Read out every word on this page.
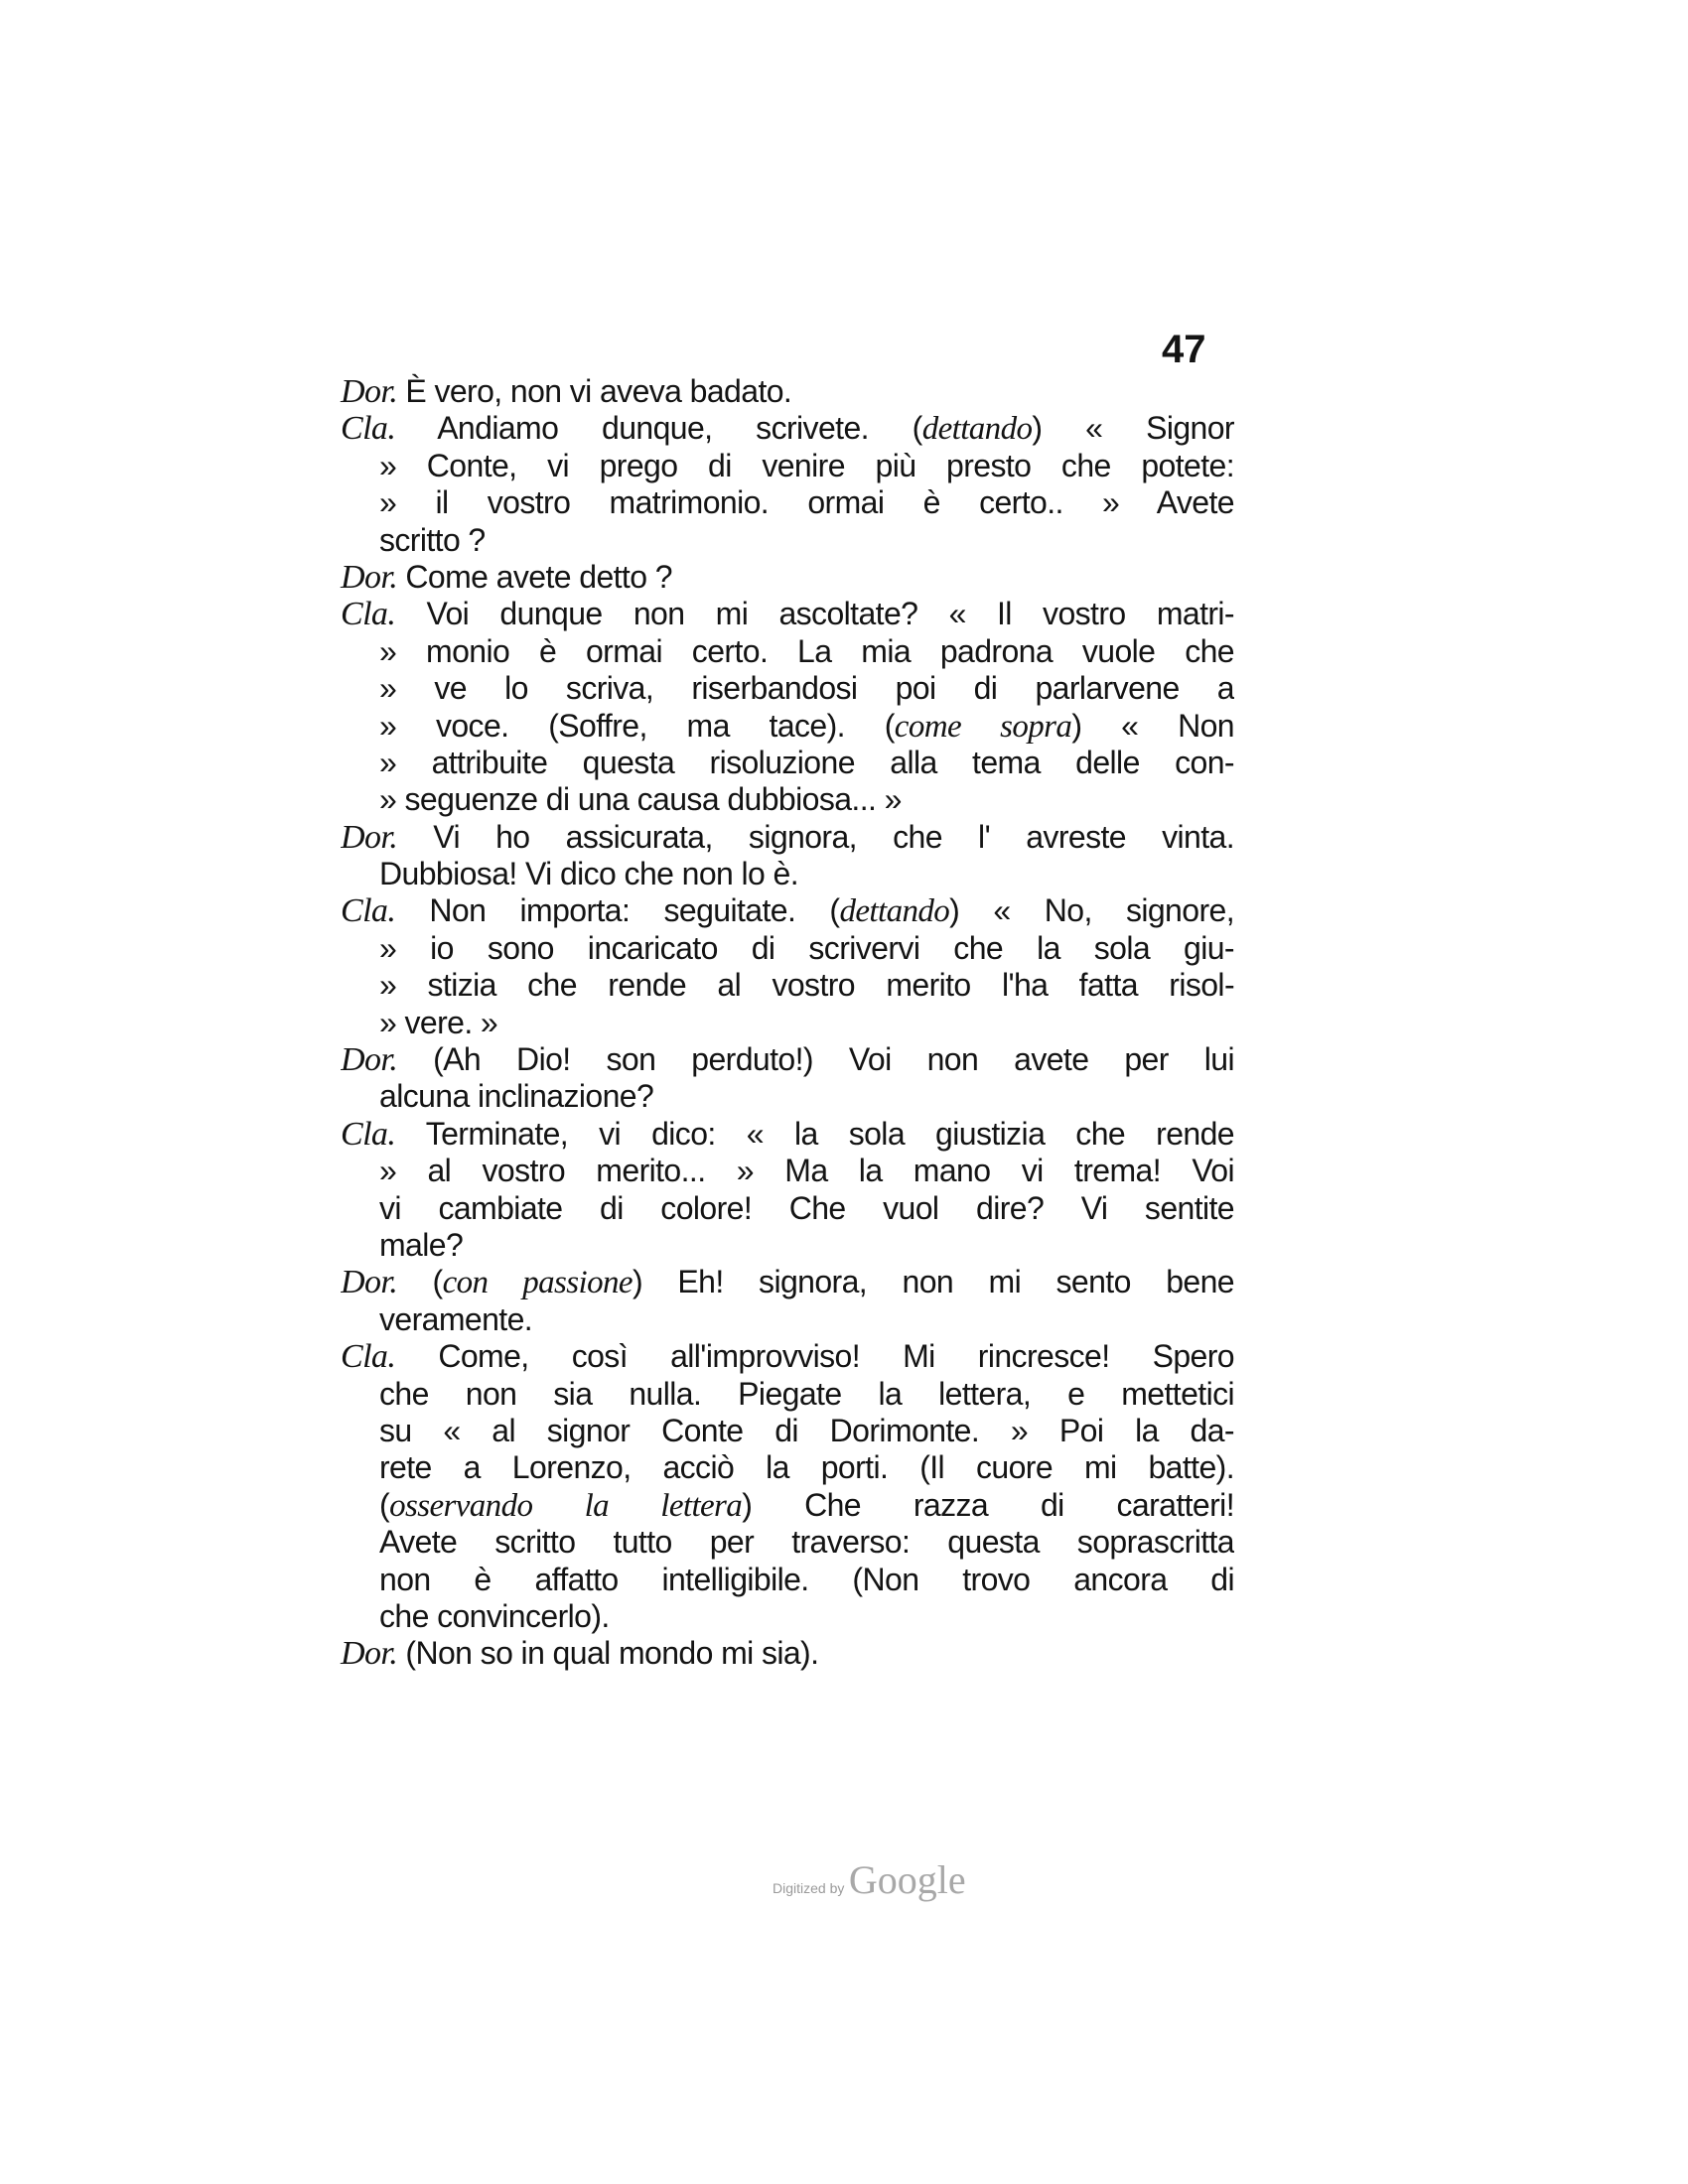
47
Dor. È vero, non vi aveva badato.
Cla. Andiamo dunque, scrivete. (dettando) « Signor
» Conte, vi prego di venire più presto che potete:
» il vostro matrimonio. ormai è certo.. » Avete
scritto ?
Dor. Come avete detto ?
Cla. Voi dunque non mi ascoltate? « Il vostro matri-
» monio è ormai certo. La mia padrona vuole che
» ve lo scriva, riserbandosi poi di parlarvene a
» voce. (Soffre, ma tace). (come sopra) « Non
» attribuite questa risoluzione alla tema delle con-
» seguenze di una causa dubbiosa... »
Dor. Vi ho assicurata, signora, che l' avreste vinta.
Dubbiosa! Vi dico che non lo è.
Cla. Non importa: seguitate. (dettando) « No, signore,
» io sono incaricato di scrivervi che la sola giu-
» stizia che rende al vostro merito l'ha fatta risol-
» vere. »
Dor. (Ah Dio! son perduto!) Voi non avete per lui
alcuna inclinazione?
Cla. Terminate, vi dico: « la sola giustizia che rende
» al vostro merito... » Ma la mano vi trema! Voi
vi cambiate di colore! Che vuol dire? Vi sentite
male?
Dor. (con passione) Eh! signora, non mi sento bene
veramente.
Cla. Come, così all'improvviso! Mi rincresce! Spero
che non sia nulla. Piegate la lettera, e mettetici
su « al signor Conte di Dorimonte. » Poi la da-
rete a Lorenzo, acciò la porti. (Il cuore mi batte).
(osservando la lettera) Che razza di caratteri!
Avete scritto tutto per traverso: questa soprascritta
non è affatto intelligibile. (Non trovo ancora di
che convincerlo).
Dor. (Non so in qual mondo mi sia).
Digitized by Google
